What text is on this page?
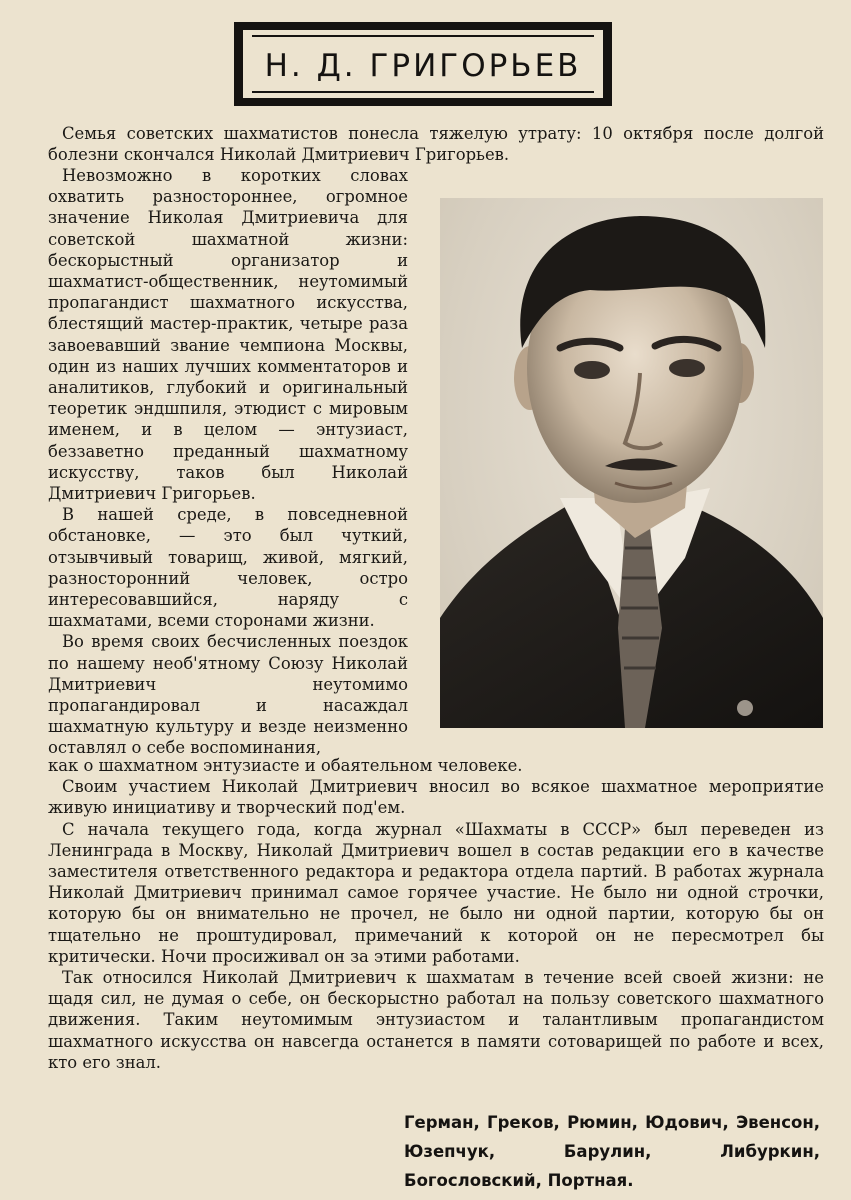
Н. Д. ГРИГОРЬЕВ

Семья советских шахматистов понесла тяжелую утрату: 10 октября после долгой болезни скончался Николай Дмитриевич Григорьев.

Невозможно в коротких словах охватить разностороннее, огромное значение Николая Дмитриевича для советской шахматной жизни: бескорыстный организатор и шахматист-общественник, неутомимый пропагандист шахматного искусства, блестящий мастер-практик, четыре раза завоевавший звание чемпиона Москвы, один из наших лучших комментаторов и аналитиков, глубокий и оригинальный теоретик эндшпиля, этюдист с мировым именем, и в целом — энтузиаст, беззаветно преданный шахматному искусству, таков был Николай Дмитриевич Григорьев.

В нашей среде, в повседневной обстановке, — это был чуткий, отзывчивый товарищ, живой, мягкий, разносторонний человек, остро интересовавшийся, наряду с шахматами, всеми сторонами жизни.

Во время своих бесчисленных поездок по нашему необ'ятному Союзу Николай Дмитриевич неутомимо пропагандировал и насаждал шахматную культуру и везде неизменно оставлял о себе воспоминания,

как о шахматном энтузиасте и обаятельном человеке.

Своим участием Николай Дмитриевич вносил во всякое шахматное мероприятие живую инициативу и творческий под'ем.

С начала текущего года, когда журнал «Шахматы в СССР» был переведен из Ленинграда в Москву, Николай Дмитриевич вошел в состав редакции его в качестве заместителя ответственного редактора и редактора отдела партий. В работах журнала Николай Дмитриевич принимал самое горячее участие. Не было ни одной строчки, которую бы он внимательно не прочел, не было ни одной партии, которую бы он тщательно не проштудировал, примечаний к которой он не пересмотрел бы критически. Ночи просиживал он за этими работами.

Так относился Николай Дмитриевич к шахматам в течение всей своей жизни: не щадя сил, не думая о себе, он бескорыстно работал на пользу советского шахматного движения. Таким неутомимым энтузиастом и талантливым пропагандистом шахматного искусства он навсегда останется в памяти сотоварищей по работе и всех, кто его знал.

Герман, Греков, Рюмин, Юдович, Эвенсон, Юзепчук, Барулин, Либуркин, Богословский, Портная.
